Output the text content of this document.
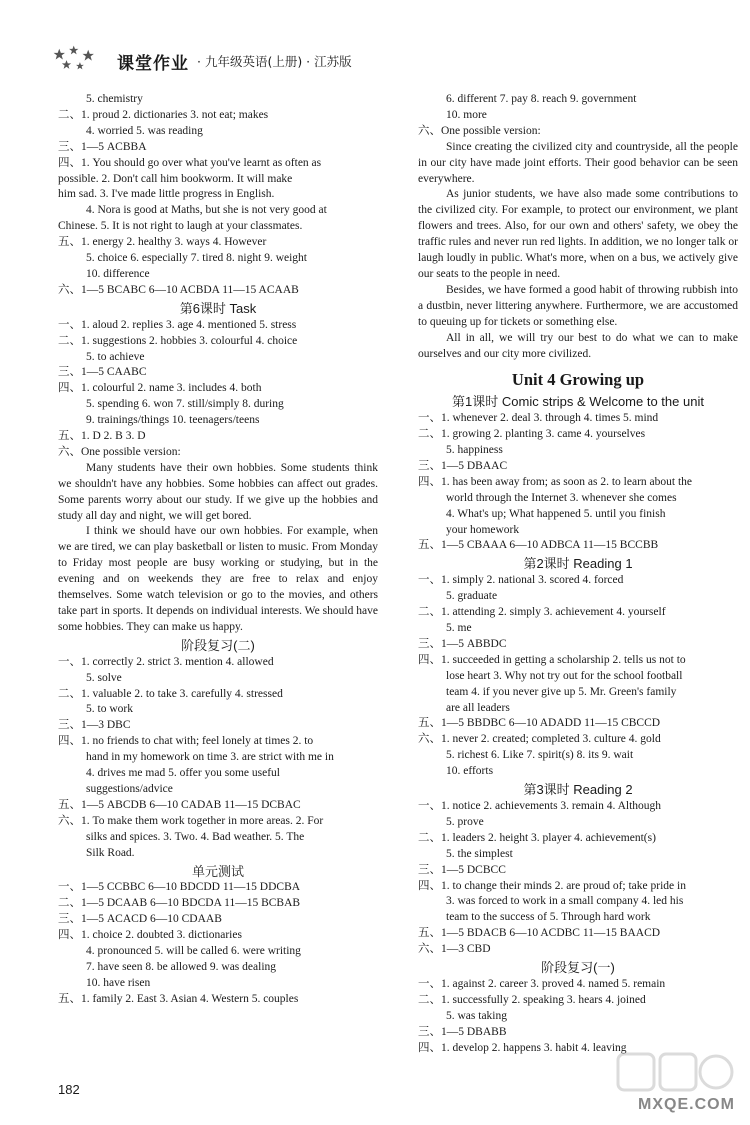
课堂作业 · 九年级英语(上册) · 江苏版
5. chemistry
二、1. proud 2. dictionaries 3. not eat; makes
4. worried 5. was reading
三、1—5 ACBBA
四、1. You should go over what you've learnt as often as
possible. 2. Don't call him bookworm. It will make
him sad. 3. I've made little progress in English.
4. Nora is good at Maths, but she is not very good at
Chinese. 5. It is not right to laugh at your classmates.
五、1. energy 2. healthy 3. ways 4. However
5. choice 6. especially 7. tired 8. night 9. weight
10. difference
六、1—5 BCABC 6—10 ACBDA 11—15 ACAAB
第6课时 Task
一、1. aloud 2. replies 3. age 4. mentioned 5. stress
二、1. suggestions 2. hobbies 3. colourful 4. choice
5. to achieve
三、1—5 CAABC
四、1. colourful 2. name 3. includes 4. both
5. spending 6. won 7. still/simply 8. during
9. trainings/things 10. teenagers/teens
五、1. D 2. B 3. D
六、One possible version:
Many students have their own hobbies. Some students think we shouldn't have any hobbies. Some hobbies can affect out grades. Some parents worry about our study. If we give up the hobbies and study all day and night, we will get bored.
I think we should have our own hobbies. For example, when we are tired, we can play basketball or listen to music. From Monday to Friday most people are busy working or studying, but in the evening and on weekends they are free to relax and enjoy themselves. Some watch television or go to the movies, and others take part in sports. It depends on individual interests. We should have some hobbies. They can make us happy.
阶段复习(二)
一、1. correctly 2. strict 3. mention 4. allowed
5. solve
二、1. valuable 2. to take 3. carefully 4. stressed
5. to work
三、1—3 DBC
四、1. no friends to chat with; feel lonely at times 2. to
hand in my homework on time 3. are strict with me in
4. drives me mad 5. offer you some useful
suggestions/advice
五、1—5 ABCDB 6—10 CADAB 11—15 DCBAC
六、1. To make them work together in more areas. 2. For
silks and spices. 3. Two. 4. Bad weather. 5. The
Silk Road.
单元测试
一、1—5 CCBBC 6—10 BDCDD 11—15 DDCBA
二、1—5 DCAAB 6—10 BDCDA 11—15 BCBAB
三、1—5 ACACD 6—10 CDAAB
四、1. choice 2. doubted 3. dictionaries
4. pronounced 5. will be called 6. were writing
7. have seen 8. be allowed 9. was dealing
10. have risen
五、1. family 2. East 3. Asian 4. Western 5. couples
6. different 7. pay 8. reach 9. government
10. more
六、One possible version:
Since creating the civilized city and countryside, all the people in our city have made joint efforts. Their good behavior can be seen everywhere.
As junior students, we have also made some contributions to the civilized city. For example, to protect our environment, we plant flowers and trees. Also, for our own and others' safety, we obey the traffic rules and never run red lights. In addition, we no longer talk or laugh loudly in public. What's more, when on a bus, we actively give our seats to the people in need.
Besides, we have formed a good habit of throwing rubbish into a dustbin, never littering anywhere. Furthermore, we are accustomed to queuing up for tickets or something else.
All in all, we will try our best to do what we can to make ourselves and our city more civilized.
Unit 4 Growing up
第1课时 Comic strips & Welcome to the unit
一、1. whenever 2. deal 3. through 4. times 5. mind
二、1. growing 2. planting 3. came 4. yourselves
5. happiness
三、1—5 DBAAC
四、1. has been away from; as soon as 2. to learn about the
world through the Internet 3. whenever she comes
4. What's up; What happened 5. until you finish
your homework
五、1—5 CBAAA 6—10 ADBCA 11—15 BCCBB
第2课时 Reading 1
一、1. simply 2. national 3. scored 4. forced
5. graduate
二、1. attending 2. simply 3. achievement 4. yourself
5. me
三、1—5 ABBDC
四、1. succeeded in getting a scholarship 2. tells us not to
lose heart 3. Why not try out for the school football
team 4. if you never give up 5. Mr. Green's family
are all leaders
五、1—5 BBDBC 6—10 ADADD 11—15 CBCCD
六、1. never 2. created; completed 3. culture 4. gold
5. richest 6. Like 7. spirit(s) 8. its 9. wait
10. efforts
第3课时 Reading 2
一、1. notice 2. achievements 3. remain 4. Although
5. prove
二、1. leaders 2. height 3. player 4. achievement(s)
5. the simplest
三、1—5 DCBCC
四、1. to change their minds 2. are proud of; take pride in
3. was forced to work in a small company 4. led his
team to the success of 5. Through hard work
五、1—5 BDACB 6—10 ACDBC 11—15 BAACD
六、1—3 CBD
阶段复习(一)
一、1. against 2. career 3. proved 4. named 5. remain
二、1. successfully 2. speaking 3. hears 4. joined
5. was taking
三、1—5 DBABB
四、1. develop 2. happens 3. habit 4. leaving
182
MXQE.COM
